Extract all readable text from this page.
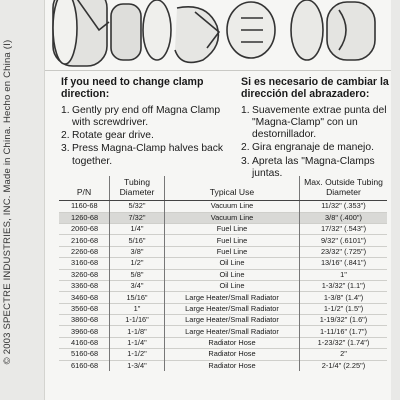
If you need to change clamp direction:
1. Gently pry end off Magna Clamp with screwdriver.
2. Rotate gear drive.
3. Press Magna-Clamp halves back together.
Si es necesario de cambiar la dirección del abrazadero:
1. Suavemente extrae punta del "Magna-Clamp" con un destornillador.
2. Gira engranaje de manejo.
3. Apreta las "Magna-Clamps juntas.
P/N	Tubing Diameter	Typical Use	Max. Outside Tubing Diameter
1160-68	5/32"	Vacuum Line	11/32" (.353")
1260-68	7/32"	Vacuum Line	3/8" (.400")
2060-68	1/4"	Fuel Line	17/32" (.543")
2160-68	5/16"	Fuel Line	9/32" (.6101")
2260-68	3/8"	Fuel Line	23/32" (.725")
3160-68	1/2"	Oil Line	13/16" (.841")
3260-68	5/8"	Oil Line	1"
3360-68	3/4"	Oil Line	1-3/32" (1.1")
3460-68	15/16"	Large Heater/Small Radiator	1-3/8" (1.4")
3560-68	1"	Large Heater/Small Radiator	1-1/2" (1.5")
3860-68	1-1/16"	Large Heater/Small Radiator	1-19/32" (1.6")
3960-68	1-1/8"	Large Heater/Small Radiator	1-11/16" (1.7")
4160-68	1-1/4"	Radiator Hose	1-23/32" (1.74")
5160-68	1-1/2"	Radiator Hose	2"
6160-68	1-3/4"	Radiator Hose	2-1/4" (2.25")
© 2003 SPECTRE INDUSTRIES, INC. Made in China. Hecho en China (I)
